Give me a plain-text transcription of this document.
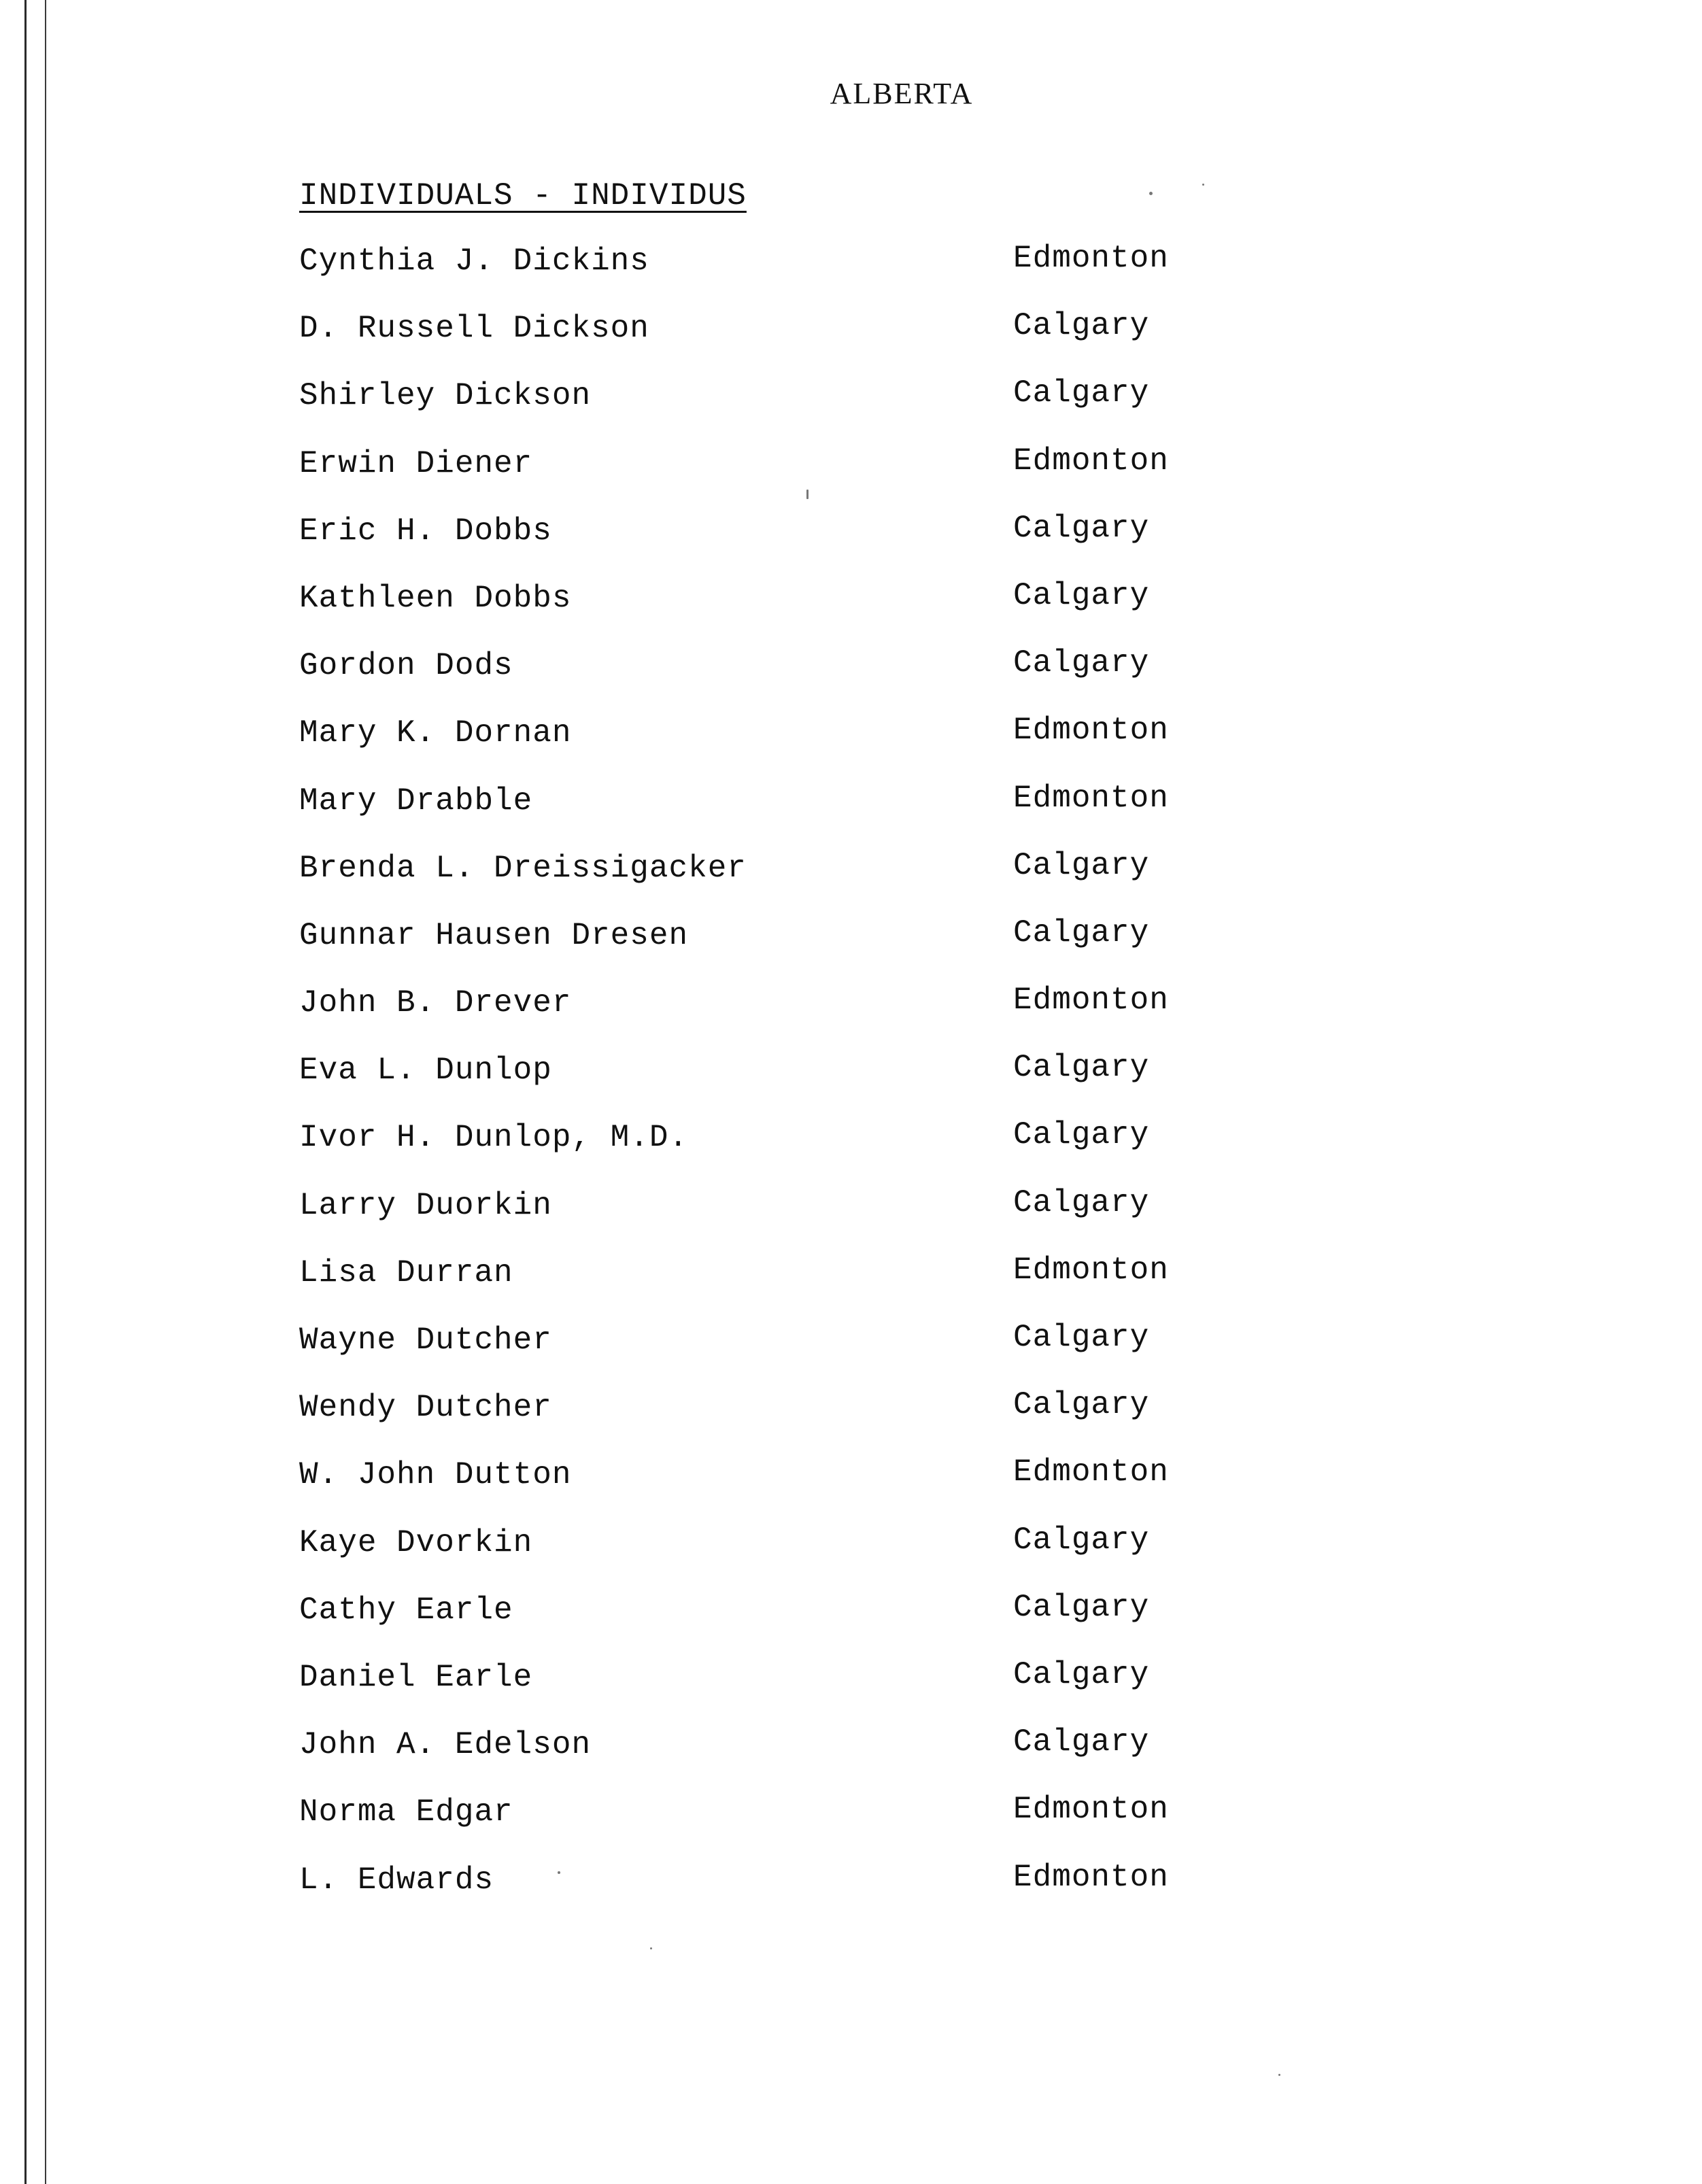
ALBERTA
INDIVIDUALS - INDIVIDUS
Cynthia J. Dickins	Edmonton
D. Russell Dickson	Calgary
Shirley Dickson	Calgary
Erwin Diener	Edmonton
Eric H. Dobbs	Calgary
Kathleen Dobbs	Calgary
Gordon Dods	Calgary
Mary K. Dornan	Edmonton
Mary Drabble	Edmonton
Brenda L. Dreissigacker	Calgary
Gunnar Hausen Dresen	Calgary
John B. Drever	Edmonton
Eva L. Dunlop	Calgary
Ivor H. Dunlop, M.D.	Calgary
Larry Duorkin	Calgary
Lisa Durran	Edmonton
Wayne Dutcher	Calgary
Wendy Dutcher	Calgary
W. John Dutton	Edmonton
Kaye Dvorkin	Calgary
Cathy Earle	Calgary
Daniel Earle	Calgary
John A. Edelson	Calgary
Norma Edgar	Edmonton
L. Edwards	Edmonton
